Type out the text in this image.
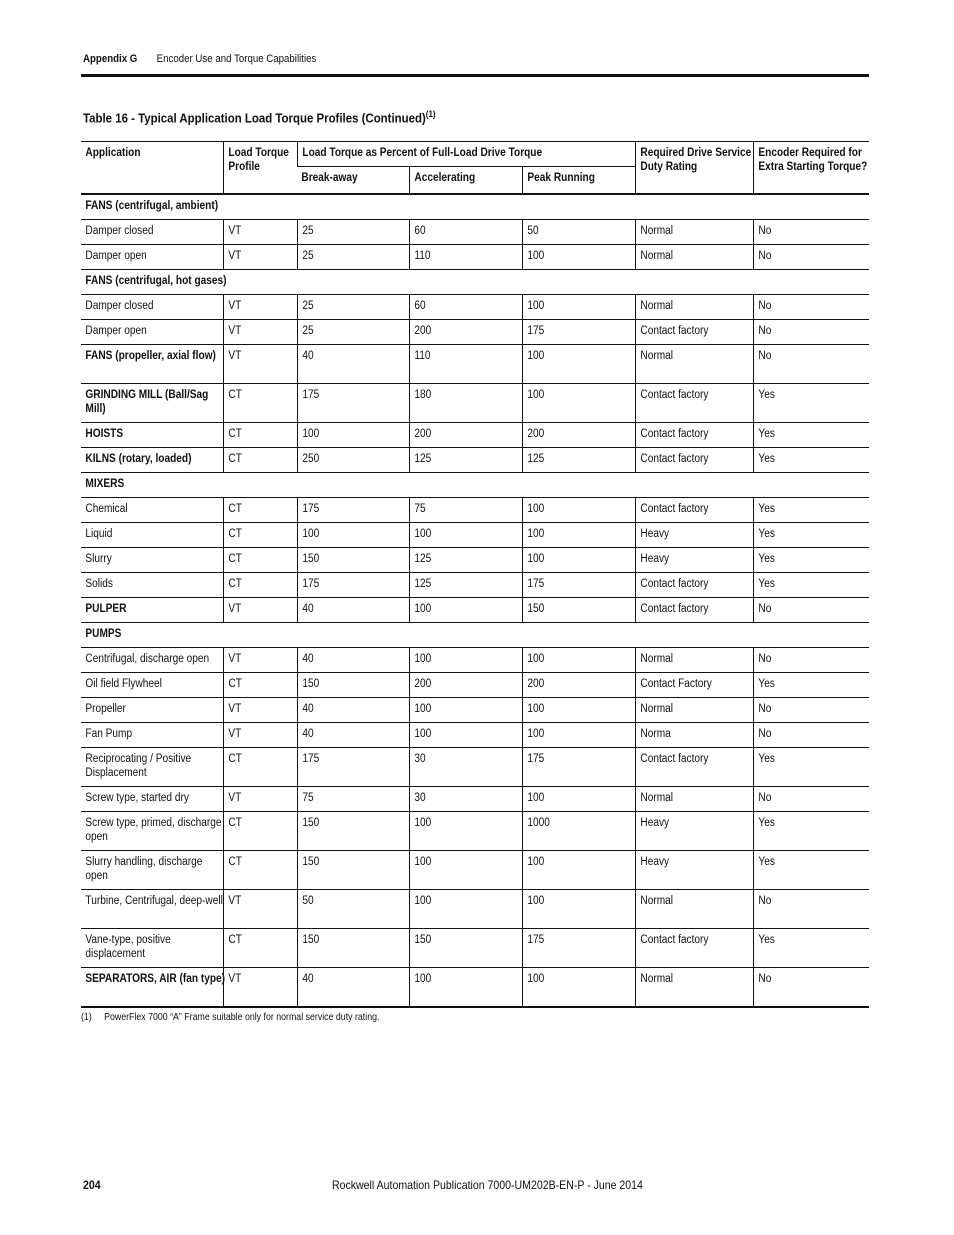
Appendix G Encoder Use and Torque Capabilities
Table 16 - Typical Application Load Torque Profiles (Continued)$^{(1)}$
Application	Load Torque Profile	Load Torque as Percent of Full-Load Drive Torque			Required Drive Service Duty Rating	Encoder Required for Extra Starting Torque?

		Break-away	Accelerating	Peak Running		

FANS (centrifugal, ambient)						

Damper closed	VT	25	60	50	Normal	No

Damper open	VT	25	110	100	Normal	No

FANS (centrifugal, hot gases)						

Damper closed	VT	25	60	100	Normal	No

Damper open	VT	25	200	175	Contact factory	No

FANS (propeller, axial flow)	VT	40	110	100	Normal	No

GRINDING MILL (Ball/Sag Mill)	CT	175	180	100	Contact factory	Yes

HOISTS	CT	100	200	200	Contact factory	Yes

KILNS (rotary, loaded)	CT	250	125	125	Contact factory	Yes

MIXERS						

Chemical	CT	175	75	100	Contact factory	Yes

Liquid	CT	100	100	100	Heavy	Yes

Slurry	CT	150	125	100	Heavy	Yes

Solids	CT	175	125	175	Contact factory	Yes

PULPER	VT	40	100	150	Contact factory	No

PUMPS						

Centrifugal, discharge open	VT	40	100	100	Normal	No

Oil field Flywheel	CT	150	200	200	Contact Factory	Yes

Propeller	VT	40	100	100	Normal	No

Fan Pump	VT	40	100	100	Norma	No

Reciprocating / Positive Displacement	CT	175	30	175	Contact factory	Yes

Screw type, started dry	VT	75	30	100	Normal	No

Screw type, primed, discharge open	CT	150	100	1000	Heavy	Yes

Slurry handling, discharge open	CT	150	100	100	Heavy	Yes

Turbine, Centrifugal, deep-well	VT	50	100	100	Normal	No

Vane-type, positive displacement	CT	150	150	175	Contact factory	Yes

SEPARATORS, AIR (fan type)	VT	40	100	100	Normal	No
(1) PowerFlex 7000 “A” Frame suitable only for normal service duty rating.
204	Rockwell Automation Publication 7000-UM202B-EN-P - June 2014
